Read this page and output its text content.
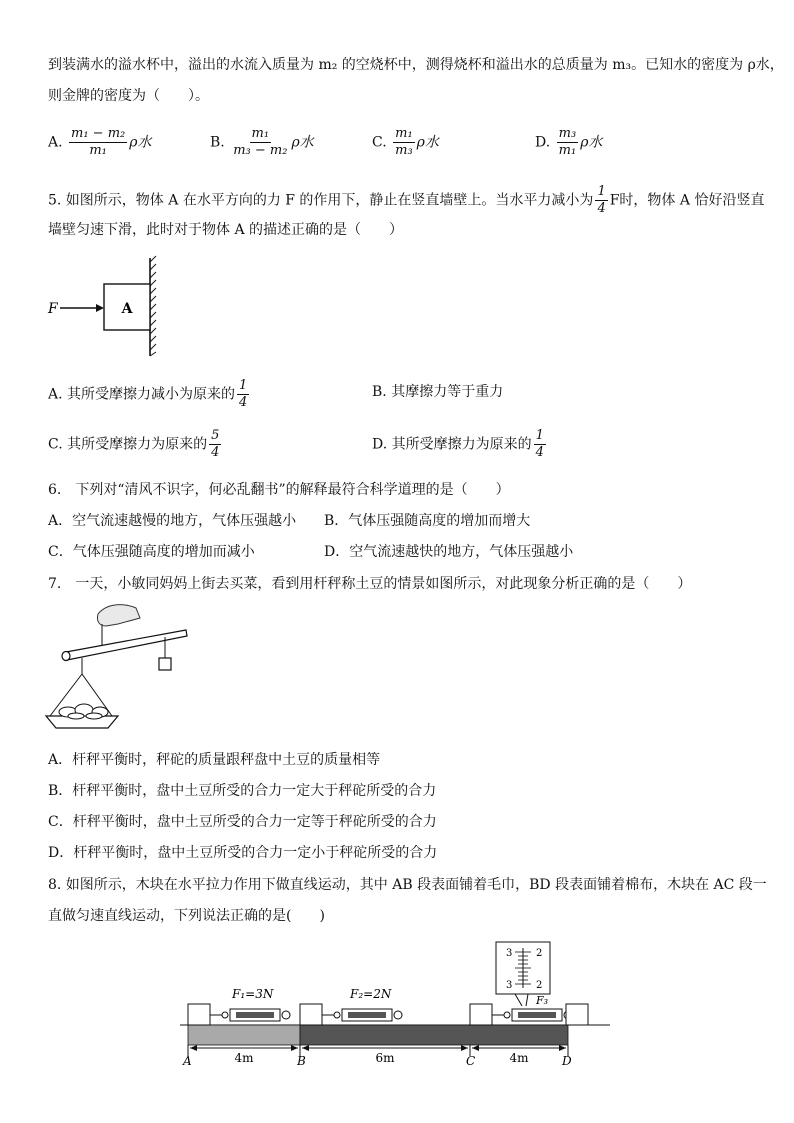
到装满水的溢水杯中，溢出的水流入质量为 m₂ 的空烧杯中，测得烧杯和溢出水的总质量为 m₃。已知水的密度为 ρ水，
则金牌的密度为（　　）。
A. $\frac{\text{m₁ − m₂}}{\text{m₁}}$ ρ水	B. $\frac{\text{m₁}}{\text{m₃ − m₂}}$ ρ水	C. $\frac{\text{m₁}}{\text{m₃}}$ ρ水	D. $\frac{\text{m₃}}{\text{m₁}}$ ρ水
5. 如图所示，物体 A 在水平方向的力 F 的作用下，静止在竖直墙壁上。当水平力减小为 $\frac{1}{4}$ F时，物体 A 恰好沿竖直
墙壁匀速下滑，此时对于物体 A 的描述正确的是（　　）
A
F
A. 其所受摩擦力减小为原来的 $\frac{1}{4}$	B. 其摩擦力等于重力
C. 其所受摩擦力为原来的 $\frac{5}{4}$	D. 其所受摩擦力为原来的 $\frac{1}{4}$
6.　下列对“清风不识字，何必乱翻书”的解释最符合科学道理的是（　　）
A．空气流速越慢的地方，气体压强越小 B．气体压强随高度的增加而增大
C．气体压强随高度的增加而减小	D．空气流速越快的地方，气体压强越小
7.　一天，小敏同妈妈上街去买菜，看到用杆秤称土豆的情景如图所示，对此现象分析正确的是（　　）
A．杆秤平衡时，秤砣的质量跟秤盘中土豆的质量相等
B．杆秤平衡时，盘中土豆所受的合力一定大于秤砣所受的合力
C．杆秤平衡时，盘中土豆所受的合力一定等于秤砣所受的合力
D．杆秤平衡时，盘中土豆所受的合力一定小于秤砣所受的合力
8. 如图所示，木块在水平拉力作用下做直线运动，其中 AB 段表面铺着毛巾，BD 段表面铺着棉布，木块在 AC 段一
直做匀速直线运动，下列说法正确的是(　　)
F₁=3N	F₂=2N	F₃
3 2
3 2
4m	6m	4m
A	B	C	D
